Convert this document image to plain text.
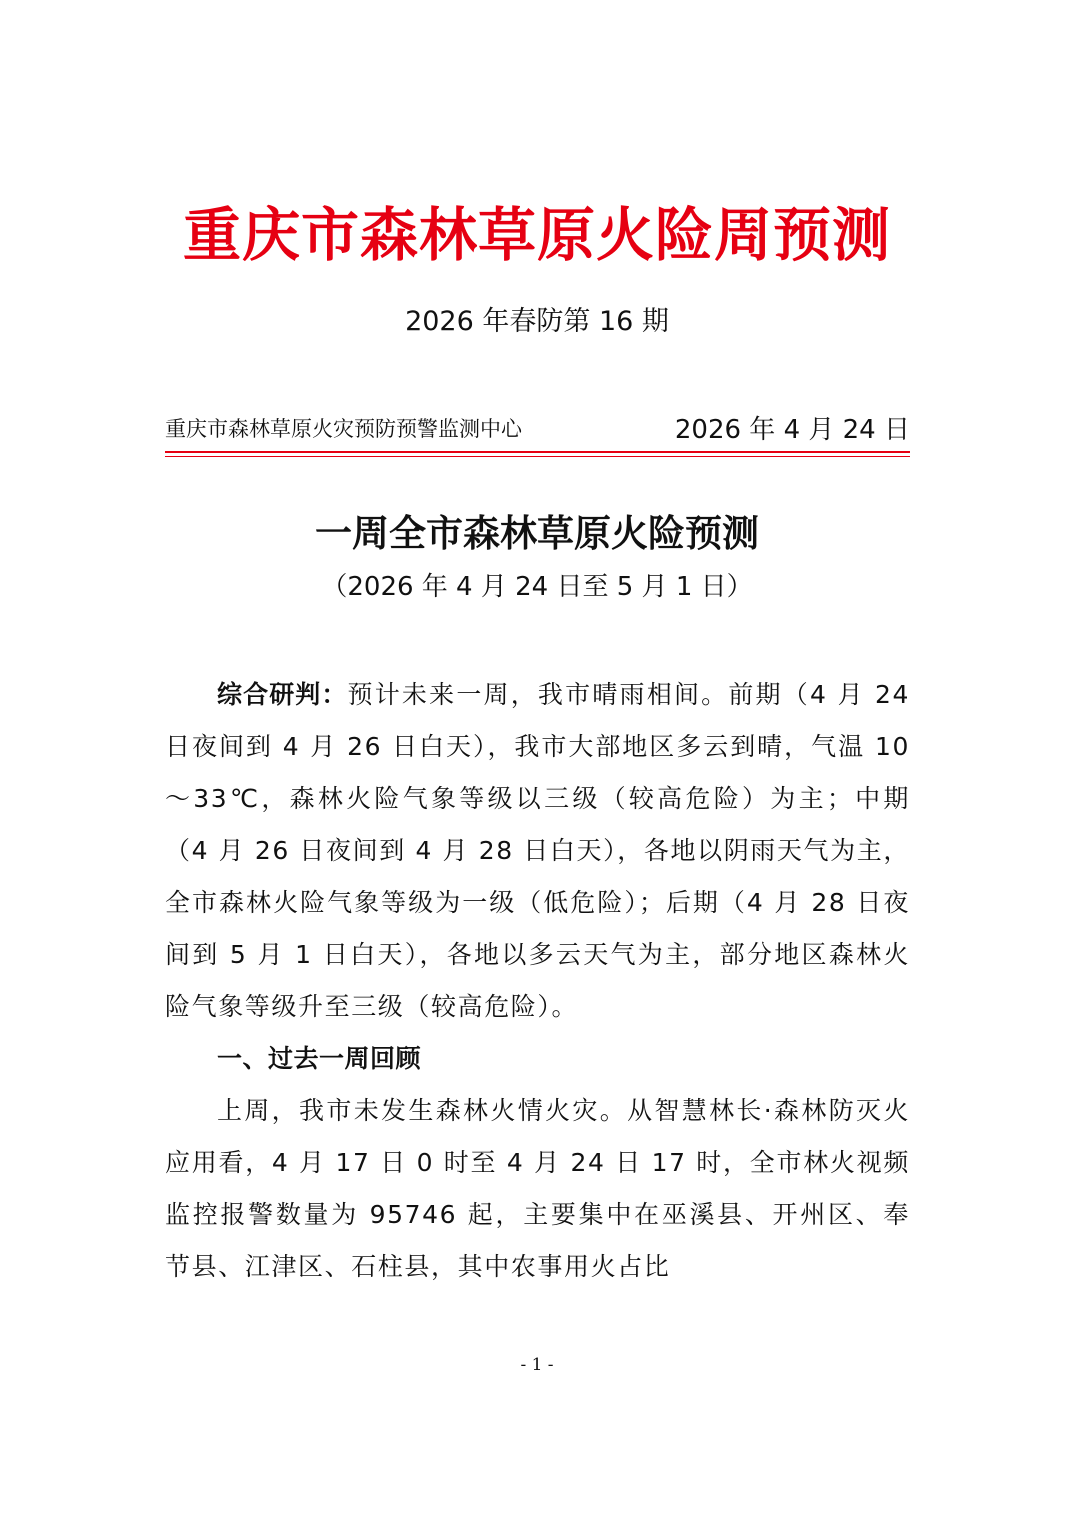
重庆市森林草原火险周预测
2026 年春防第 16 期
重庆市森林草原火灾预防预警监测中心	2026 年 4 月 24 日
一周全市森林草原火险预测
（2026 年 4 月 24 日至 5 月 1 日）

综合研判：预计未来一周，我市晴雨相间。前期（4 月 24 日夜间到 4 月 26 日白天），我市大部地区多云到晴，气温 10～33℃，森林火险气象等级以三级（较高危险）为主；中期（4 月 26 日夜间到 4 月 28 日白天），各地以阴雨天气为主，全市森林火险气象等级为一级（低危险）；后期（4 月 28 日夜间到 5 月 1 日白天），各地以多云天气为主，部分地区森林火险气象等级升至三级（较高危险）。

一、过去一周回顾

上周，我市未发生森林火情火灾。从智慧林长·森林防灭火应用看，4 月 17 日 0 时至 4 月 24 日 17 时，全市林火视频监控报警数量为 95746 起，主要集中在巫溪县、开州区、奉节县、江津区、石柱县，其中农事用火占比

- 1 -
